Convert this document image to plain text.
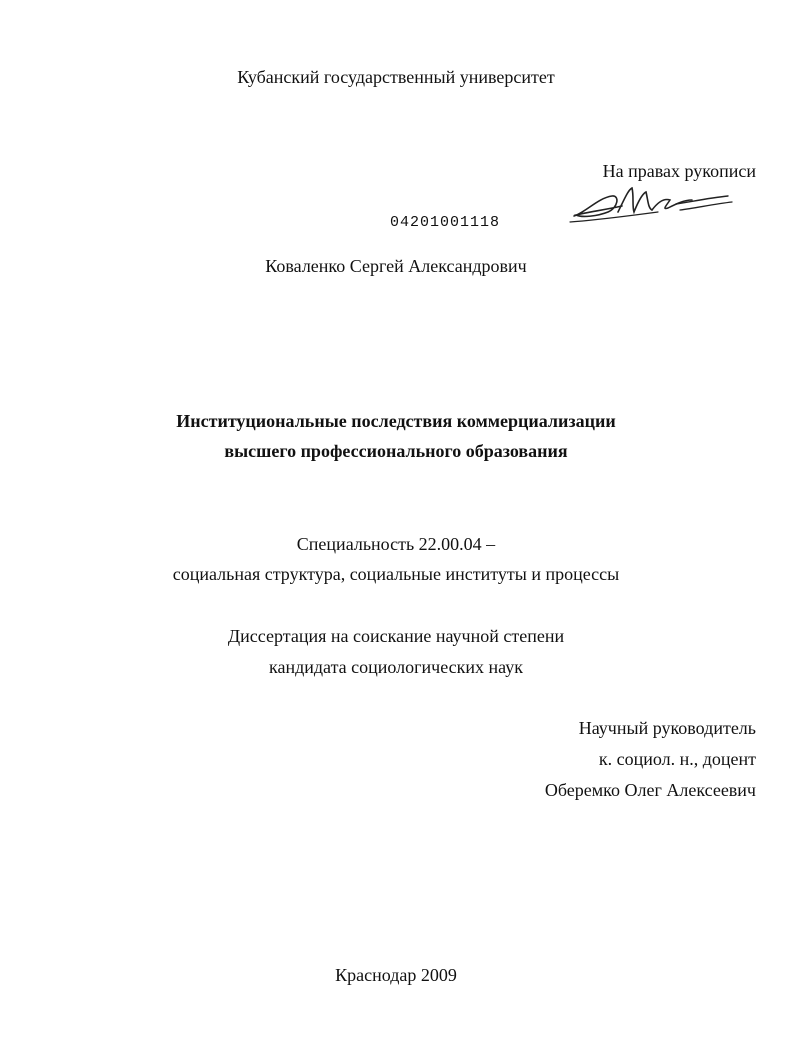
Кубанский государственный университет
На правах рукописи
04201001118
Коваленко Сергей Александрович
Институциональные последствия коммерциализации
высшего профессионального образования
Специальность 22.00.04 –
социальная структура, социальные институты и процессы
Диссертация на соискание научной степени
кандидата социологических наук
Научный руководитель
к. социол. н., доцент
Оберемко Олег Алексеевич
Краснодар 2009
